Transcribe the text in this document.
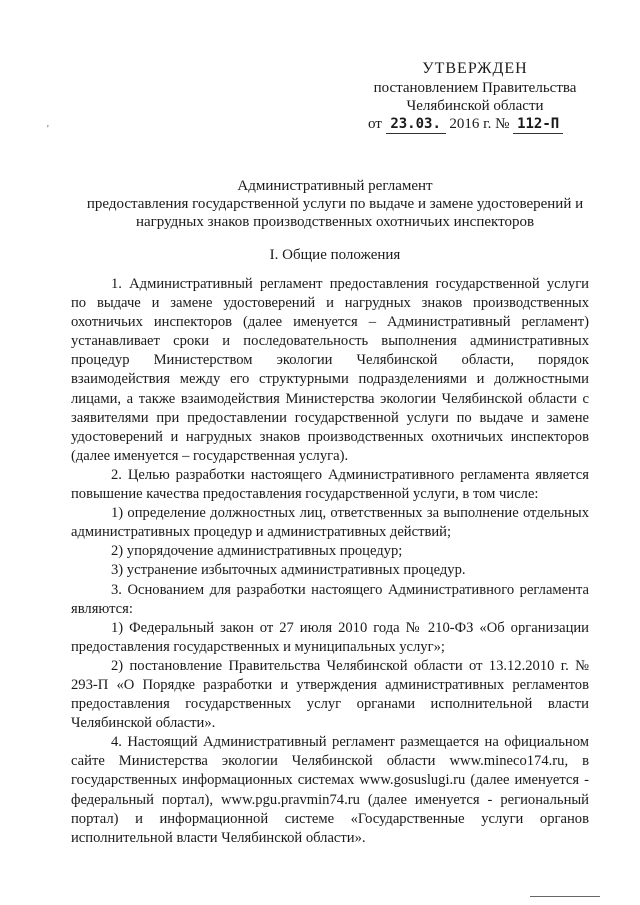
УТВЕРЖДЕН
постановлением Правительства
Челябинской области
от 23.03. 2016 г. № 112-П
'
Административный регламент
предоставления государственной услуги по выдаче и замене удостоверений и
нагрудных знаков производственных охотничьих инспекторов
I. Общие положения

1. Административный регламент предоставления государственной услуги по выдаче и замене удостоверений и нагрудных знаков производственных охотничьих инспекторов (далее именуется – Административный регламент) устанавливает сроки и последовательность выполнения административных процедур Министерством экологии Челябинской области, порядок взаимодействия между его структурными подразделениями и должностными лицами, а также взаимодействия Министерства экологии Челябинской области с заявителями при предоставлении государственной услуги по выдаче и замене удостоверений и нагрудных знаков производственных охотничьих инспекторов (далее именуется – государственная услуга).

2. Целью разработки настоящего Административного регламента является повышение качества предоставления государственной услуги, в том числе:

1) определение должностных лиц, ответственных за выполнение отдельных административных процедур и административных действий;

2) упорядочение административных процедур;

3) устранение избыточных административных процедур.

3. Основанием для разработки настоящего Административного регламента являются:

1) Федеральный закон от 27 июля 2010 года № 210-ФЗ «Об организации предоставления государственных и муниципальных услуг»;

2) постановление Правительства Челябинской области от 13.12.2010 г. № 293-П «О Порядке разработки и утверждения административных регламентов предоставления государственных услуг органами исполнительной власти Челябинской области».

4. Настоящий Административный регламент размещается на официальном сайте Министерства экологии Челябинской области www.mineco174.ru, в государственных информационных системах www.gosuslugi.ru (далее именуется - федеральный портал), www.pgu.pravmin74.ru (далее именуется - региональный портал) и информационной системе «Государственные услуги органов исполнительной власти Челябинской области».
